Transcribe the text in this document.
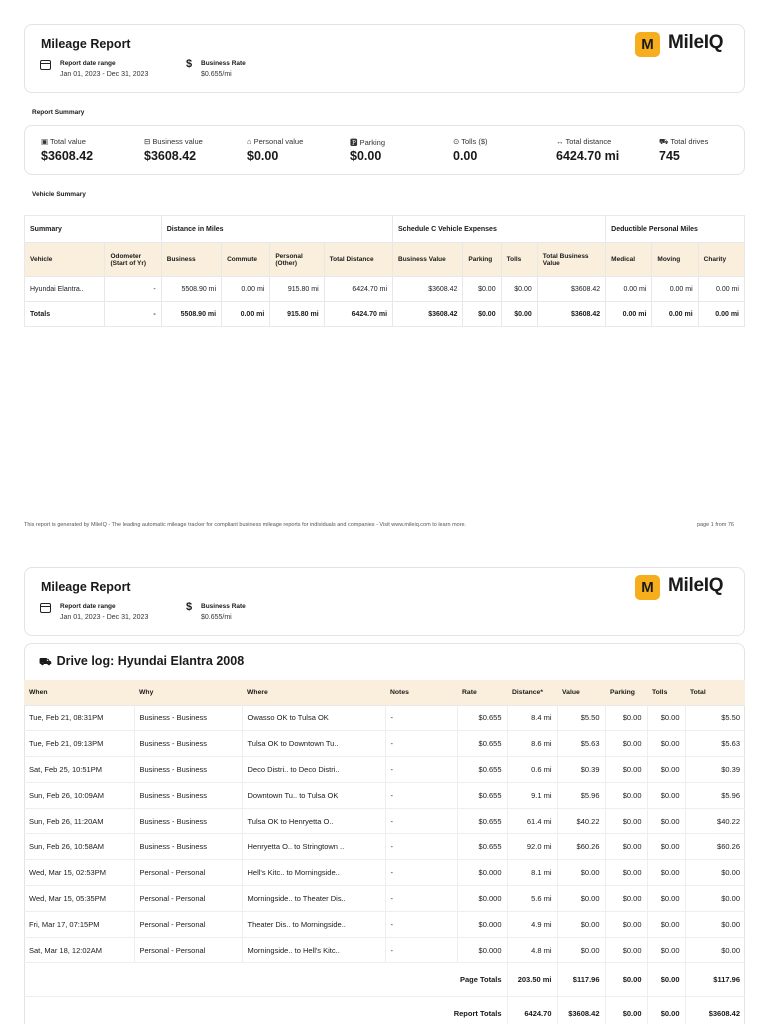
Mileage Report
Report date range
Jan 01, 2023 - Dec 31, 2023
$ Business Rate
$0.655/mi
M MileIQ
Report Summary
▣ Total value
$3608.42
⊟ Business value
$3608.42
⌂ Personal value
$0.00
🅿 Parking
$0.00
⊙ Tolls ($)
0.00
↔ Total distance
6424.70 mi
⛟ Total drives
745
Vehicle Summary
Summary		Distance in Miles				Schedule C Vehicle Expenses				Deductible Personal Miles		
Vehicle	Odometer (Start of Yr)	Business	Commute	Personal (Other)	Total Distance	Business Value	Parking	Tolls	Total Business Value	Medical	Moving	Charity
Hyundai Elantra..	-	5508.90 mi	0.00 mi	915.80 mi	6424.70 mi	$3608.42	$0.00	$0.00	$3608.42	0.00 mi	0.00 mi	0.00 mi
Totals	-	5508.90 mi	0.00 mi	915.80 mi	6424.70 mi	$3608.42	$0.00	$0.00	$3608.42	0.00 mi	0.00 mi	0.00 mi
This report is generated by MileIQ - The leading automatic mileage tracker for compliant business mileage reports for individuals and companies - Visit www.mileiq.com to learn more.	page 1 from 76
Mileage Report
Report date range
Jan 01, 2023 - Dec 31, 2023
$ Business Rate
$0.655/mi
M MileIQ
⛟ Drive log: Hyundai Elantra 2008
When	Why	Where	Notes	Rate	Distance*	Value	Parking	Tolls	Total
Tue, Feb 21, 08:31PM	Business - Business	Owasso OK to Tulsa OK	-	$0.655	8.4 mi	$5.50	$0.00	$0.00	$5.50
Tue, Feb 21, 09:13PM	Business - Business	Tulsa OK to Downtown Tu..	-	$0.655	8.6 mi	$5.63	$0.00	$0.00	$5.63
Sat, Feb 25, 10:51PM	Business - Business	Deco Distri.. to Deco Distri..	-	$0.655	0.6 mi	$0.39	$0.00	$0.00	$0.39
Sun, Feb 26, 10:09AM	Business - Business	Downtown Tu.. to Tulsa OK	-	$0.655	9.1 mi	$5.96	$0.00	$0.00	$5.96
Sun, Feb 26, 11:20AM	Business - Business	Tulsa OK to Henryetta O..	-	$0.655	61.4 mi	$40.22	$0.00	$0.00	$40.22
Sun, Feb 26, 10:58AM	Business - Business	Henryetta O.. to Stringtown ..	-	$0.655	92.0 mi	$60.26	$0.00	$0.00	$60.26
Wed, Mar 15, 02:53PM	Personal - Personal	Hell's Kitc.. to Morningside..	-	$0.000	8.1 mi	$0.00	$0.00	$0.00	$0.00
Wed, Mar 15, 05:35PM	Personal - Personal	Morningside.. to Theater Dis..	-	$0.000	5.6 mi	$0.00	$0.00	$0.00	$0.00
Fri, Mar 17, 07:15PM	Personal - Personal	Theater Dis.. to Morningside..	-	$0.000	4.9 mi	$0.00	$0.00	$0.00	$0.00
Sat, Mar 18, 12:02AM	Personal - Personal	Morningside.. to Hell's Kitc..	-	$0.000	4.8 mi	$0.00	$0.00	$0.00	$0.00
Page Totals					203.50 mi	$117.96	$0.00	$0.00	$117.96
Report Totals					6424.70	$3608.42	$0.00	$0.00	$3608.42
